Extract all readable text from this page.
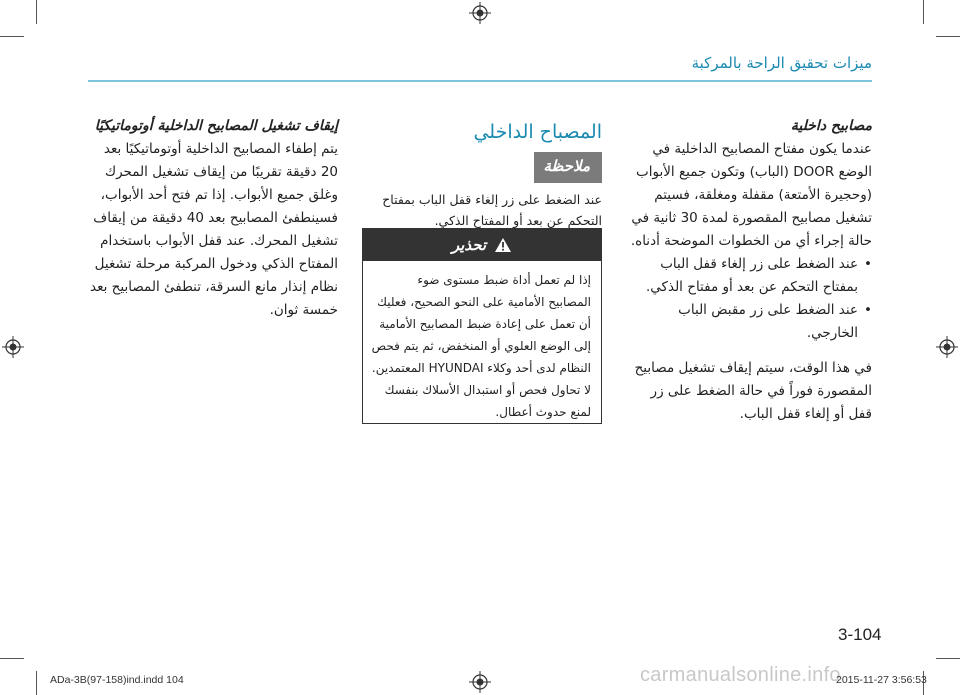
ميزات تحقيق الراحة بالمركبة

مصابيح داخلية

عندما يكون مفتاح المصابيح الداخلية في الوضع DOOR (الباب) وتكون جميع الأبواب (وحجيرة الأمتعة) مقفلة ومغلقة، فسيتم تشغيل مصابيح المقصورة لمدة 30 ثانية في حالة إجراء أي من الخطوات الموضحة أدناه.

• عند الضغط على زر إلغاء قفل الباب بمفتاح التحكم عن بعد أو مفتاح الذكي.

• عند الضغط على زر مقبض الباب الخارجي.

في هذا الوقت، سيتم إيقاف تشغيل مصابيح المقصورة فوراً في حالة الضغط على زر قفل أو إلغاء قفل الباب.

المصباح الداخلي

ملاحظة

عند الضغط على زر إلغاء قفل الباب بمفتاح التحكم عن بعد أو المفتاح الذكي.

تحذير
إذا لم تعمل أداة ضبط مستوى ضوء المصابيح الأمامية على النحو الصحيح، فعليك أن تعمل على إعادة ضبط المصابيح الأمامية إلى الوضع العلوي أو المنخفض، ثم يتم فحص النظام لدى أحد وكلاء HYUNDAI المعتمدين. لا تحاول فحص أو استبدال الأسلاك بنفسك لمنع حدوث أعطال.

إيقاف تشغيل المصابيح الداخلية أوتوماتيكيًا

يتم إطفاء المصابيح الداخلية أوتوماتيكيًا بعد 20 دقيقة تقريبًا من إيقاف تشغيل المحرك وغلق جميع الأبواب. إذا تم فتح أحد الأبواب، فسينطفئ المصابيح بعد 40 دقيقة من إيقاف تشغيل المحرك. عند قفل الأبواب باستخدام المفتاح الذكي ودخول المركبة مرحلة تشغيل نظام إنذار مانع السرقة، تنطفئ المصابيح بعد خمسة ثوان.

3-104
carmanualsonline.info
ADa-3B(97-158)ind.indd 104	2015-11-27 3:56:53
